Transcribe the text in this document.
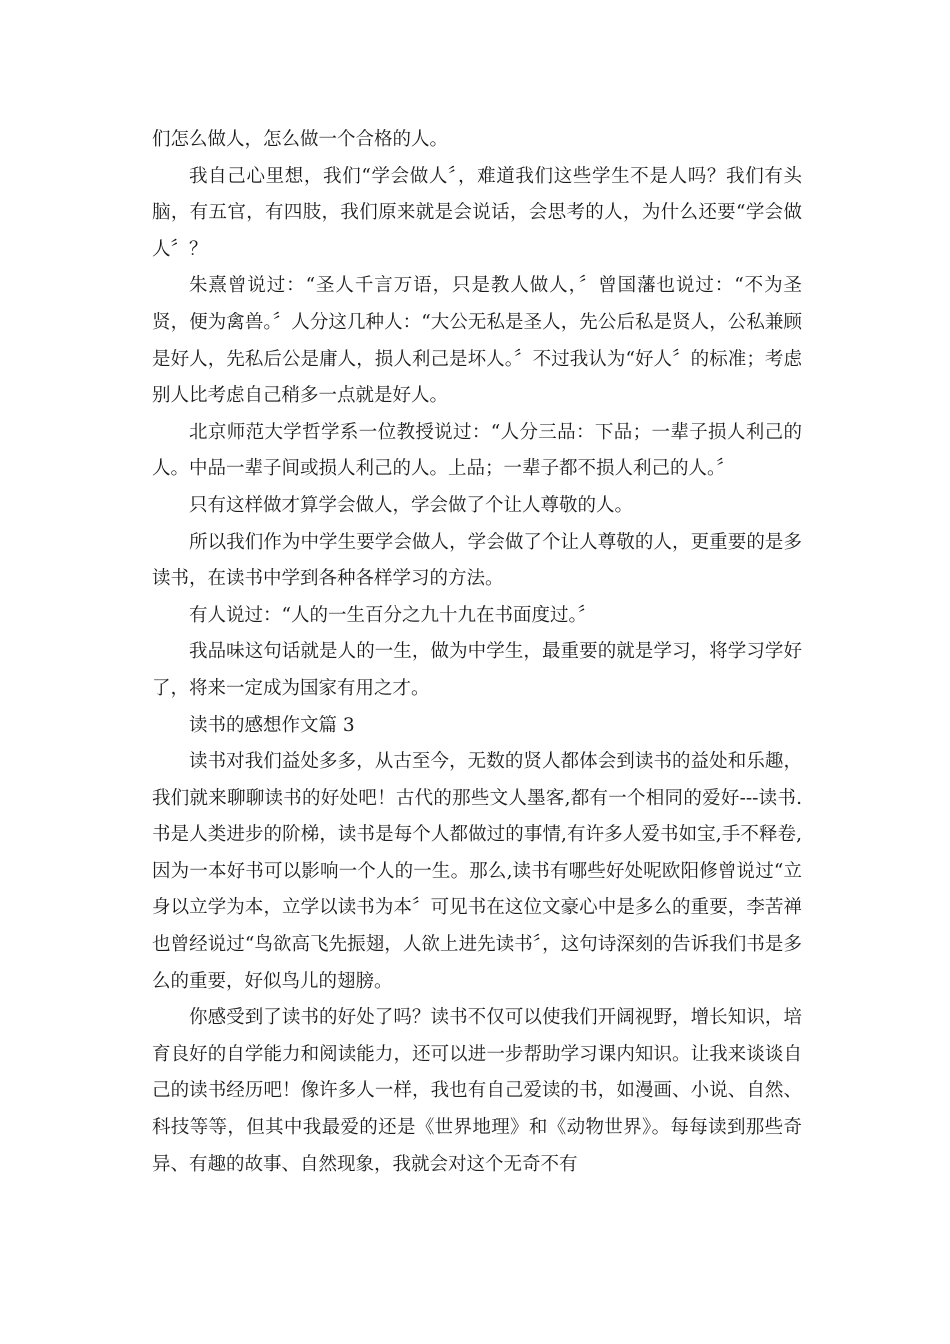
们怎么做人，怎么做一个合格的人。

我自己心里想，我们“学会做人〞，难道我们这些学生不是人吗？我们有头脑，有五官，有四肢，我们原来就是会说话，会思考的人，为什么还要“学会做人〞？

朱熹曾说过：“圣人千言万语，只是教人做人，〞曾国藩也说过：“不为圣贤，便为禽兽。〞人分这几种人：“大公无私是圣人，先公后私是贤人，公私兼顾是好人，先私后公是庸人，损人利己是坏人。〞不过我认为“好人〞的标准；考虑别人比考虑自己稍多一点就是好人。

北京师范大学哲学系一位教授说过：“人分三品：下品；一辈子损人利己的人。中品一辈子间或损人利己的人。上品；一辈子都不损人利己的人。〞

只有这样做才算学会做人，学会做了个让人尊敬的人。

所以我们作为中学生要学会做人，学会做了个让人尊敬的人，更重要的是多读书，在读书中学到各种各样学习的方法。

有人说过：“人的一生百分之九十九在书面度过。〞

我品味这句话就是人的一生，做为中学生，最重要的就是学习，将学习学好了，将来一定成为国家有用之才。

读书的感想作文篇 3

读书对我们益处多多，从古至今，无数的贤人都体会到读书的益处和乐趣，我们就来聊聊读书的好处吧！古代的那些文人墨客,都有一个相同的爱好---读书.书是人类进步的阶梯，读书是每个人都做过的事情,有许多人爱书如宝,手不释卷,因为一本好书可以影响一个人的一生。那么,读书有哪些好处呢欧阳修曾说过“立身以立学为本，立学以读书为本〞可见书在这位文豪心中是多么的重要，李苦禅也曾经说过“鸟欲高飞先振翅，人欲上进先读书〞，这句诗深刻的告诉我们书是多么的重要，好似鸟儿的翅膀。

你感受到了读书的好处了吗？读书不仅可以使我们开阔视野，增长知识，培育良好的自学能力和阅读能力，还可以进一步帮助学习课内知识。让我来谈谈自己的读书经历吧！像许多人一样，我也有自己爱读的书，如漫画、小说、自然、科技等等，但其中我最爱的还是《世界地理》和《动物世界》。每每读到那些奇异、有趣的故事、自然现象，我就会对这个无奇不有
